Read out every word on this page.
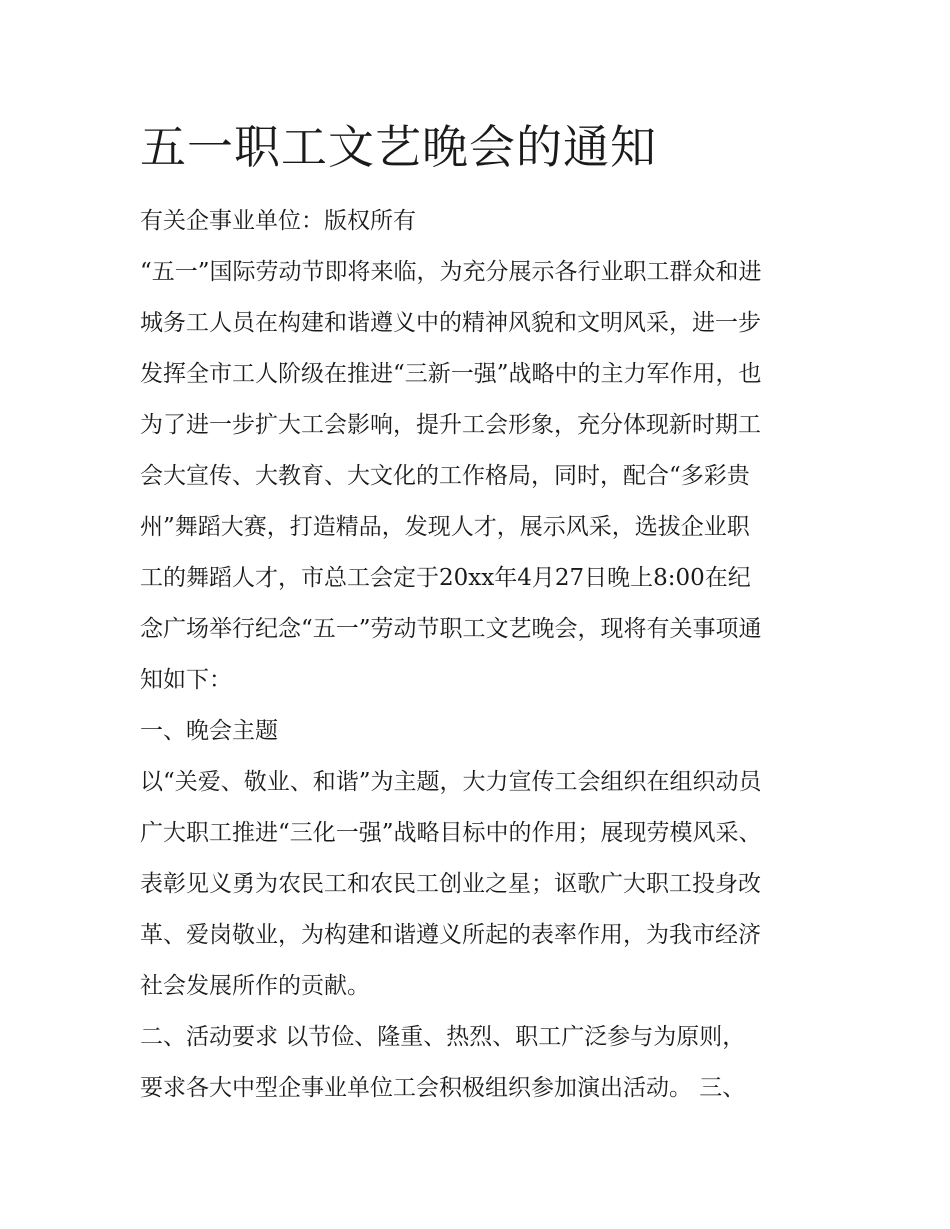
五一职工文艺晚会的通知

有关企事业单位：版权所有

“五一”国际劳动节即将来临，为充分展示各行业职工群众和进

城务工人员在构建和谐遵义中的精神风貌和文明风采，进一步

发挥全市工人阶级在推进“三新一强”战略中的主力军作用，也

为了进一步扩大工会影响，提升工会形象，充分体现新时期工

会大宣传、大教育、大文化的工作格局，同时，配合“多彩贵

州”舞蹈大赛，打造精品，发现人才，展示风采，选拔企业职

工的舞蹈人才，市总工会定于20xx年4月27日晚上8:00在纪

念广场举行纪念“五一”劳动节职工文艺晚会，现将有关事项通

知如下：

一、晚会主题

以“关爱、敬业、和谐”为主题，大力宣传工会组织在组织动员

广大职工推进“三化一强”战略目标中的作用；展现劳模风采、

表彰见义勇为农民工和农民工创业之星；讴歌广大职工投身改

革、爱岗敬业，为构建和谐遵义所起的表率作用，为我市经济

社会发展所作的贡献。

二、活动要求 以节俭、隆重、热烈、职工广泛参与为原则，

要求各大中型企事业单位工会积极组织参加演出活动。 三、
